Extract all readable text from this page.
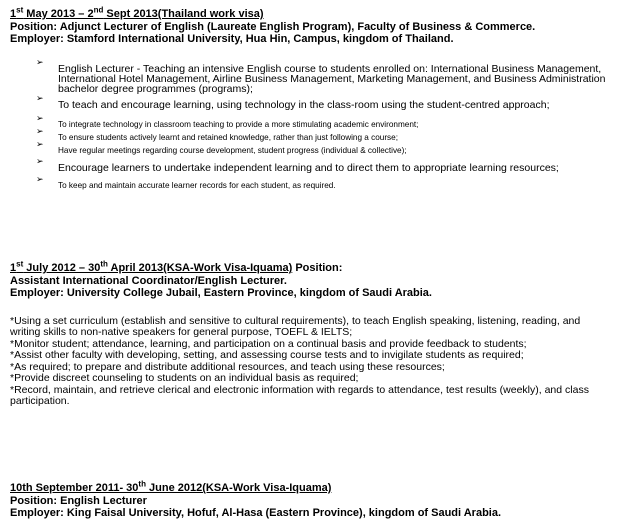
1st May 2013 – 2nd Sept 2013(Thailand work visa)
Position: Adjunct Lecturer of English (Laureate English Program), Faculty of Business & Commerce.
Employer: Stamford International University, Hua Hin, Campus, kingdom of Thailand.
➢
English Lecturer - Teaching an intensive English course to students enrolled on: International Business Management, International Hotel Management, Airline Business Management, Marketing Management, and Business Administration bachelor degree programmes (programs);
➢
To teach and encourage learning, using technology in the class-room using the student-centred approach;
➢
To integrate technology in classroom teaching to provide a more stimulating academic environment;
➢
To ensure students actively learnt and retained knowledge, rather than just following a course;
➢
Have regular meetings regarding course development, student progress (individual & collective);
➢
Encourage learners to undertake independent learning and to direct them to appropriate learning resources;
➢
To keep and maintain accurate learner records for each student, as required.
1st July 2012 – 30th April 2013(KSA-Work Visa-Iquama) Position:
Assistant International Coordinator/English Lecturer.
Employer: University College Jubail, Eastern Province, kingdom of Saudi Arabia.
*Using a set curriculum (establish and sensitive to cultural requirements), to teach English speaking, listening, reading, and writing skills to non-native speakers for general purpose, TOEFL & IELTS;
*Monitor student; attendance, learning, and participation on a continual basis and provide feedback to students;
*Assist other faculty with developing, setting, and assessing course tests and to invigilate students as required;
*As required; to prepare and distribute additional resources, and teach using these resources;
*Provide discreet counseling to students on an individual basis as required;
*Record, maintain, and retrieve clerical and electronic information with regards to attendance, test results (weekly), and class participation.
10th September 2011- 30th June 2012(KSA-Work Visa-Iquama)
Position: English Lecturer
Employer: King Faisal University, Hofuf, Al-Hasa (Eastern Province), kingdom of Saudi Arabia.
